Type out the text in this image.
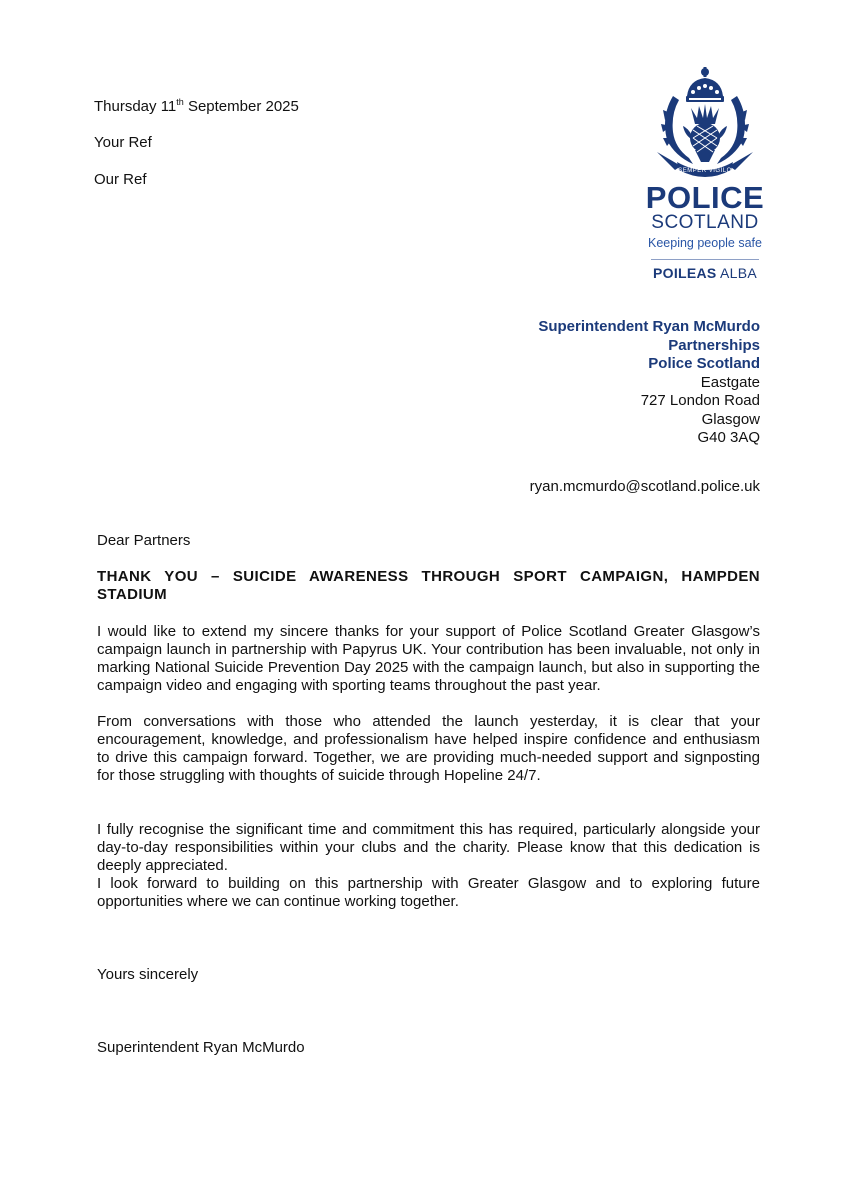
Thursday 11th September 2025
Your Ref
Our Ref	SEMPER VIGILO
POLICE
SCOTLAND
Keeping people safe
POILEAS ALBA
Superintendent Ryan McMurdo
Partnerships
Police Scotland
Eastgate
727 London Road
Glasgow
G40 3AQ
ryan.mcmurdo@scotland.police.uk
Dear Partners
THANK YOU – SUICIDE AWARENESS THROUGH SPORT CAMPAIGN, HAMPDEN STADIUM
I would like to extend my sincere thanks for your support of Police Scotland Greater Glasgow’s campaign launch in partnership with Papyrus UK. Your contribution has been invaluable, not only in marking National Suicide Prevention Day 2025 with the campaign launch, but also in supporting the campaign video and engaging with sporting teams throughout the past year.
From conversations with those who attended the launch yesterday, it is clear that your encouragement, knowledge, and professionalism have helped inspire confidence and enthusiasm to drive this campaign forward. Together, we are providing much-needed support and signposting for those struggling with thoughts of suicide through Hopeline 24/7.
I fully recognise the significant time and commitment this has required, particularly alongside your day-to-day responsibilities within your clubs and the charity. Please know that this dedication is deeply appreciated.
I look forward to building on this partnership with Greater Glasgow and to exploring future opportunities where we can continue working together.
Yours sincerely
Superintendent Ryan McMurdo
